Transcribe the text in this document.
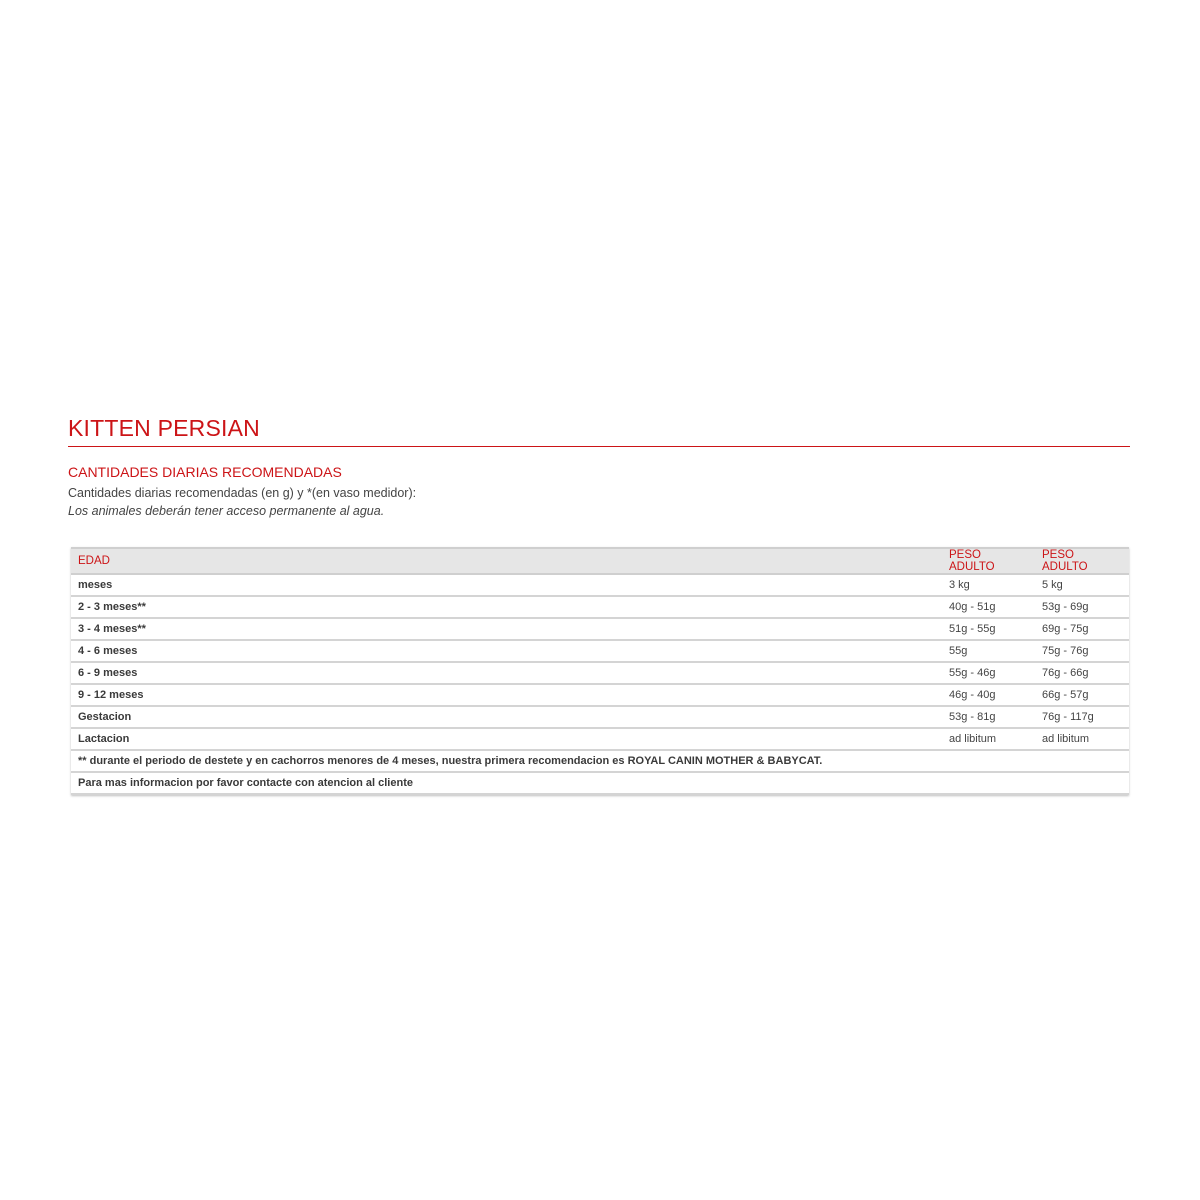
KITTEN PERSIAN
CANTIDADES DIARIAS RECOMENDADAS

Cantidades diarias recomendadas (en g) y *(en vaso medidor):

Los animales deberán tener acceso permanente al agua.

EDAD	PESO ADULTO	PESO ADULTO
meses	3 kg	5 kg
2 - 3 meses**	40g - 51g	53g - 69g
3 - 4 meses**	51g - 55g	69g - 75g
4 - 6 meses	55g	75g - 76g
6 - 9 meses	55g - 46g	76g - 66g
9 - 12 meses	46g - 40g	66g - 57g
Gestacion	53g - 81g	76g - 117g
Lactacion	ad libitum	ad libitum
** durante el periodo de destete y en cachorros menores de 4 meses, nuestra primera recomendacion es ROYAL CANIN MOTHER & BABYCAT.		
Para mas informacion por favor contacte con atencion al cliente		
